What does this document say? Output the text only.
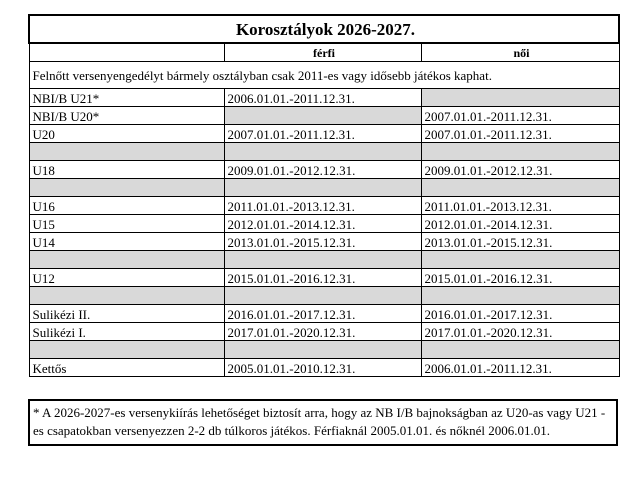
Korosztályok 2026-2027.		
	férfi	női
Felnőtt versenyengedélyt bármely osztályban csak 2011-es vagy idősebb játékos kaphat.		
NBI/B U21*	2006.01.01.-2011.12.31.	
NBI/B U20*		2007.01.01.-2011.12.31.
U20	2007.01.01.-2011.12.31.	2007.01.01.-2011.12.31.

U18	2009.01.01.-2012.12.31.	2009.01.01.-2012.12.31.

U16	2011.01.01.-2013.12.31.	2011.01.01.-2013.12.31.
U15	2012.01.01.-2014.12.31.	2012.01.01.-2014.12.31.
U14	2013.01.01.-2015.12.31.	2013.01.01.-2015.12.31.

U12	2015.01.01.-2016.12.31.	2015.01.01.-2016.12.31.

Sulikézi II.	2016.01.01.-2017.12.31.	2016.01.01.-2017.12.31.
Sulikézi I.	2017.01.01.-2020.12.31.	2017.01.01.-2020.12.31.

Kettős	2005.01.01.-2010.12.31.	2006.01.01.-2011.12.31.
* A 2026-2027-es versenykiírás lehetőséget biztosít arra, hogy az NB I/B bajnokságban az U20-as vagy U21 -es csapatokban versenyezzen 2-2 db túlkoros játékos. Férfiaknál 2005.01.01. és nőknél 2006.01.01.
